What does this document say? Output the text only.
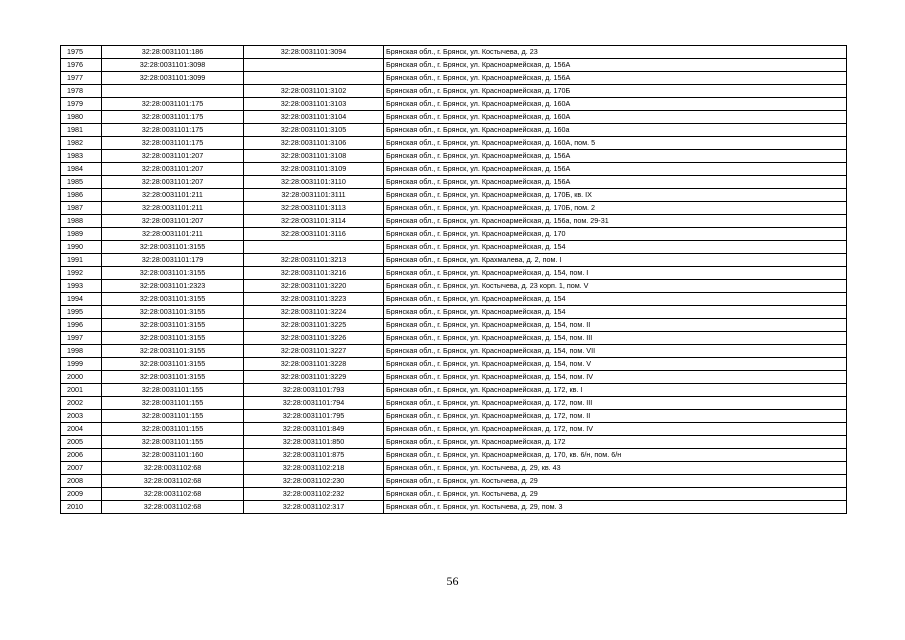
1975	32:28:0031101:186	32:28:0031101:3094	Брянская обл., г. Брянск, ул. Костычева, д. 23
1976	32:28:0031101:3098		Брянская обл., г. Брянск, ул. Красноармейская, д. 156А
1977	32:28:0031101:3099		Брянская обл., г. Брянск, ул. Красноармейская, д. 156А
1978		32:28:0031101:3102	Брянская обл., г. Брянск, ул. Красноармейская, д. 170Б
1979	32:28:0031101:175	32:28:0031101:3103	Брянская обл., г. Брянск, ул. Красноармейская, д. 160А
1980	32:28:0031101:175	32:28:0031101:3104	Брянская обл., г. Брянск, ул. Красноармейская, д. 160А
1981	32:28:0031101:175	32:28:0031101:3105	Брянская обл., г. Брянск, ул. Красноармейская, д. 160а
1982	32:28:0031101:175	32:28:0031101:3106	Брянская обл., г. Брянск, ул. Красноармейская, д. 160А, пом. 5
1983	32:28:0031101:207	32:28:0031101:3108	Брянская обл., г. Брянск, ул. Красноармейская, д. 156А
1984	32:28:0031101:207	32:28:0031101:3109	Брянская обл., г. Брянск, ул. Красноармейская, д. 156А
1985	32:28:0031101:207	32:28:0031101:3110	Брянская обл., г. Брянск, ул. Красноармейская, д. 156А
1986	32:28:0031101:211	32:28:0031101:3111	Брянская обл., г. Брянск, ул. Красноармейская, д. 170Б, кв. IX
1987	32:28:0031101:211	32:28:0031101:3113	Брянская обл., г. Брянск, ул. Красноармейская, д. 170Б, пом. 2
1988	32:28:0031101:207	32:28:0031101:3114	Брянская обл., г. Брянск, ул. Красноармейская, д. 156а, пом. 29-31
1989	32:28:0031101:211	32:28:0031101:3116	Брянская обл., г. Брянск, ул. Красноармейская, д. 170
1990	32:28:0031101:3155		Брянская обл., г. Брянск, ул. Красноармейская, д. 154
1991	32:28:0031101:179	32:28:0031101:3213	Брянская обл., г. Брянск, ул. Крахмалева, д. 2, пом. I
1992	32:28:0031101:3155	32:28:0031101:3216	Брянская обл., г. Брянск, ул. Красноармейская, д. 154, пом. I
1993	32:28:0031101:2323	32:28:0031101:3220	Брянская обл., г. Брянск, ул. Костычева, д. 23 корп. 1, пом. V
1994	32:28:0031101:3155	32:28:0031101:3223	Брянская обл., г. Брянск, ул. Красноармейская, д. 154
1995	32:28:0031101:3155	32:28:0031101:3224	Брянская обл., г. Брянск, ул. Красноармейская, д. 154
1996	32:28:0031101:3155	32:28:0031101:3225	Брянская обл., г. Брянск, ул. Красноармейская, д. 154, пом. II
1997	32:28:0031101:3155	32:28:0031101:3226	Брянская обл., г. Брянск, ул. Красноармейская, д. 154, пом. III
1998	32:28:0031101:3155	32:28:0031101:3227	Брянская обл., г. Брянск, ул. Красноармейская, д. 154, пом. VII
1999	32:28:0031101:3155	32:28:0031101:3228	Брянская обл., г. Брянск, ул. Красноармейская, д. 154, пом. V
2000	32:28:0031101:3155	32:28:0031101:3229	Брянская обл., г. Брянск, ул. Красноармейская, д. 154, пом. IV
2001	32:28:0031101:155	32:28:0031101:793	Брянская обл., г. Брянск, ул. Красноармейская, д. 172, кв. I
2002	32:28:0031101:155	32:28:0031101:794	Брянская обл., г. Брянск, ул. Красноармейская, д. 172, пом. III
2003	32:28:0031101:155	32:28:0031101:795	Брянская обл., г. Брянск, ул. Красноармейская, д. 172, пом. II
2004	32:28:0031101:155	32:28:0031101:849	Брянская обл., г. Брянск, ул. Красноармейская, д. 172, пом. IV
2005	32:28:0031101:155	32:28:0031101:850	Брянская обл., г. Брянск, ул. Красноармейская, д. 172
2006	32:28:0031101:160	32:28:0031101:875	Брянская обл., г. Брянск, ул. Красноармейская, д. 170, кв. 6/н, пом. 6/н
2007	32:28:0031102:68	32:28:0031102:218	Брянская обл., г. Брянск, ул. Костычева, д. 29, кв. 43
2008	32:28:0031102:68	32:28:0031102:230	Брянская обл., г. Брянск, ул. Костычева, д. 29
2009	32:28:0031102:68	32:28:0031102:232	Брянская обл., г. Брянск, ул. Костычева, д. 29
2010	32:28:0031102:68	32:28:0031102:317	Брянская обл., г. Брянск, ул. Костычева, д. 29, пом. 3
56
